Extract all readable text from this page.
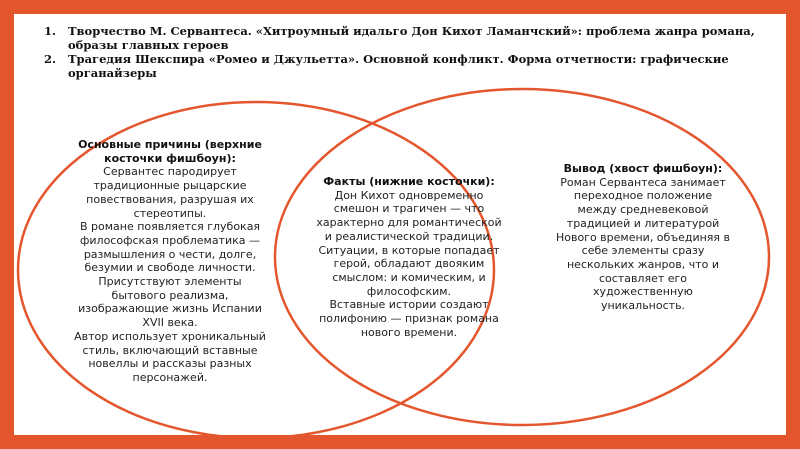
1. Творчество М. Сервантеса. «Хитроумный идальго Дон Кихот Ламанчский»: проблема жанра романа, образы главных героев
2. Трагедия Шекспира «Ромео и Джульетта». Основной конфликт. Форма отчетности: графические органайзеры
Основные причины (верхние косточки фишбоун):

Сервантес пародирует традиционные рыцарские повествования, разрушая их стереотипы.

В романе появляется глубокая философская проблематика — размышления о чести, долге, безумии и свободе личности.

Присутствуют элементы бытового реализма, изображающие жизнь Испании XVII века.

Автор использует хроникальный стиль, включающий вставные новеллы и рассказы разных персонажей.

Факты (нижние косточки):

Дон Кихот одновременно смешон и трагичен — что характерно для романтической и реалистической традиции. Ситуации, в которые попадает герой, обладают двояким смыслом: и комическим, и философским.

Вставные истории создают полифонию — признак романа нового времени.

Вывод (хвост фишбоун):

Роман Сервантеса занимает переходное положение между средневековой традицией и литературой Нового времени, объединяя в себе элементы сразу нескольких жанров, что и составляет его художественную уникальность.
